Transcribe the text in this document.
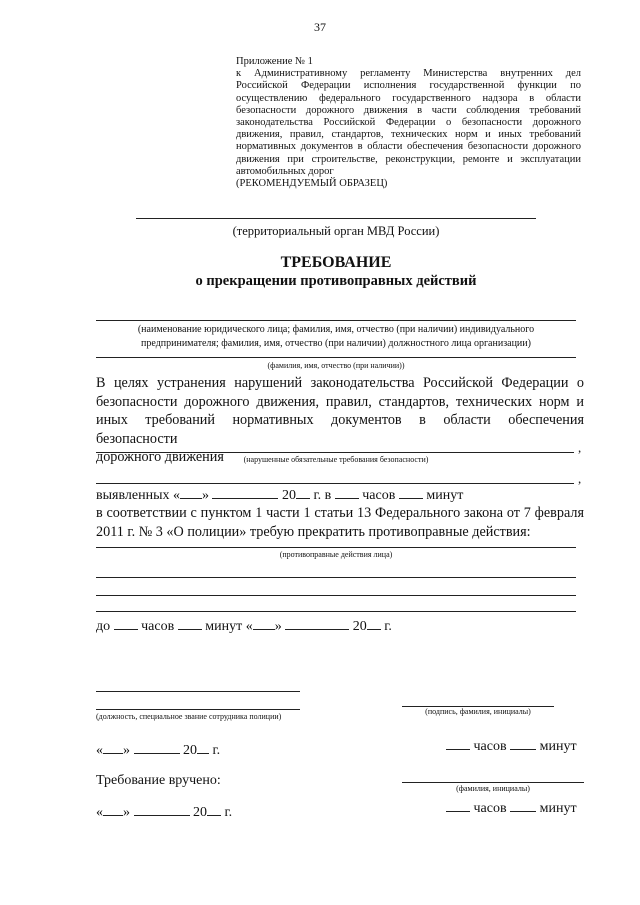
37
Приложение № 1
к Административному регламенту Министерства внутренних дел
Российской Федерации исполнения государственной функции по
осуществлению федерального государственного надзора в области
безопасности дорожного движения в части соблюдения требований
законодательства Российской Федерации о безопасности дорожного
движения, правил, стандартов, технических норм и иных требований
нормативных документов в области обеспечения безопасности дорожного
движения при строительстве, реконструкции, ремонте и эксплуатации
автомобильных дорог
(РЕКОМЕНДУЕМЫЙ ОБРАЗЕЦ)
(территориальный орган МВД России)
ТРЕБОВАНИЕ
о прекращении противоправных действий
(наименование юридического лица; фамилия, имя, отчество (при наличии) индивидуального
предпринимателя; фамилия, имя, отчество (при наличии) должностного лица организации)
(фамилия, имя, отчество (при наличии))
В целях устранения нарушений законодательства Российской Федерации о
безопасности дорожного движения, правил, стандартов, технических норм и
иных требований нормативных документов в области обеспечения безопасности
дорожного движения
,
(нарушенные обязательные требования безопасности)
,
выявленных « »	20 г. в часов минут
в соответствии с пунктом 1 части 1 статьи 13 Федерального закона от 7 февраля
2011 г. № 3 «О полиции» требую прекратить противоправные действия:
(противоправные действия лица)
до часов минут « »	20 г.
(должность, специальное звание сотрудника полиции)
(подпись, фамилия, инициалы)
« »	20 г.	часов минут
Требование вручено:
(фамилия, инициалы)
« »	20 г.	часов минут
